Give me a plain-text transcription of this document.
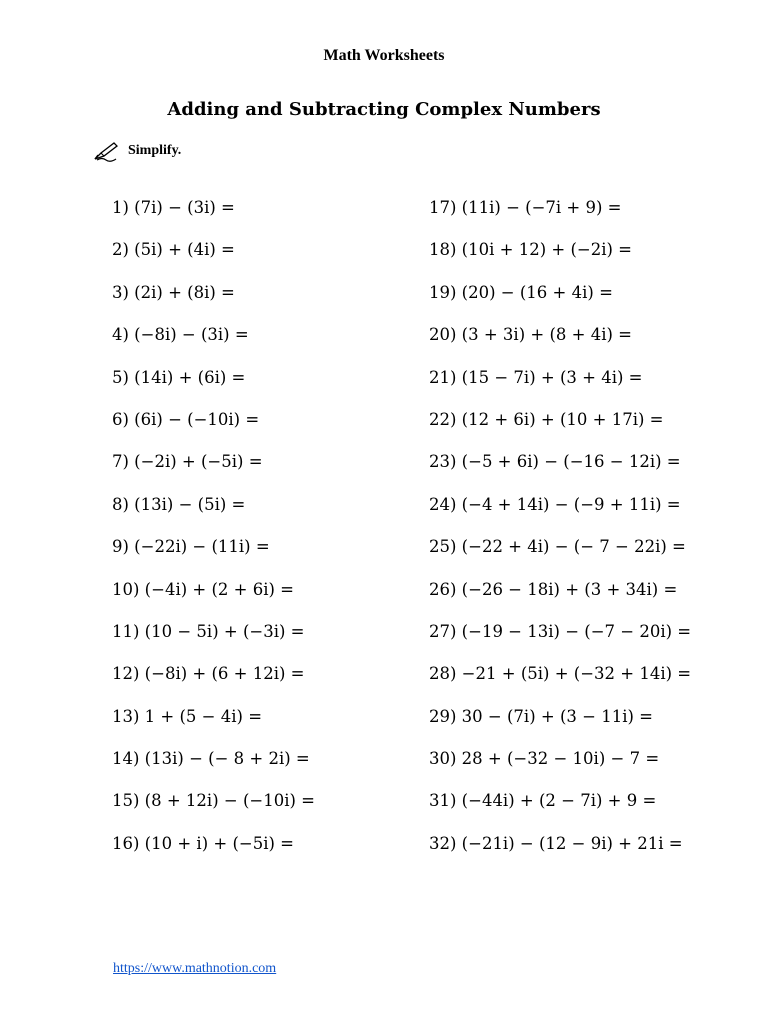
Math Worksheets
Adding and Subtracting Complex Numbers
Simplify.
1) (7i) − (3i) =
2) (5i) + (4i) =
3) (2i) + (8i) =
4) (−8i) − (3i) =
5) (14i) + (6i) =
6) (6i) − (−10i) =
7) (−2i) + (−5i) =
8) (13i) − (5i) =
9) (−22i) − (11i) =
10) (−4i) + (2 + 6i) =
11) (10 − 5i) + (−3i) =
12) (−8i) + (6 + 12i) =
13) 1 + (5 − 4i) =
14) (13i) − (− 8 + 2i) =
15) (8 + 12i) − (−10i) =
16) (10 + i) + (−5i) =
17) (11i) − (−7i + 9) =
18) (10i + 12) + (−2i) =
19) (20) − (16 + 4i) =
20) (3 + 3i) + (8 + 4i) =
21) (15 − 7i) + (3 + 4i) =
22) (12 + 6i) + (10 + 17i) =
23) (−5 + 6i) − (−16 − 12i) =
24) (−4 + 14i) − (−9 + 11i) =
25) (−22 + 4i) − (− 7 − 22i) =
26) (−26 − 18i) + (3 + 34i) =
27) (−19 − 13i) − (−7 − 20i) =
28) −21 + (5i) + (−32 + 14i) =
29) 30 − (7i) + (3 − 11i) =
30) 28 + (−32 − 10i) − 7 =
31) (−44i) + (2 − 7i) + 9 =
32) (−21i) − (12 − 9i) + 21i =
https://www.mathnotion.com
